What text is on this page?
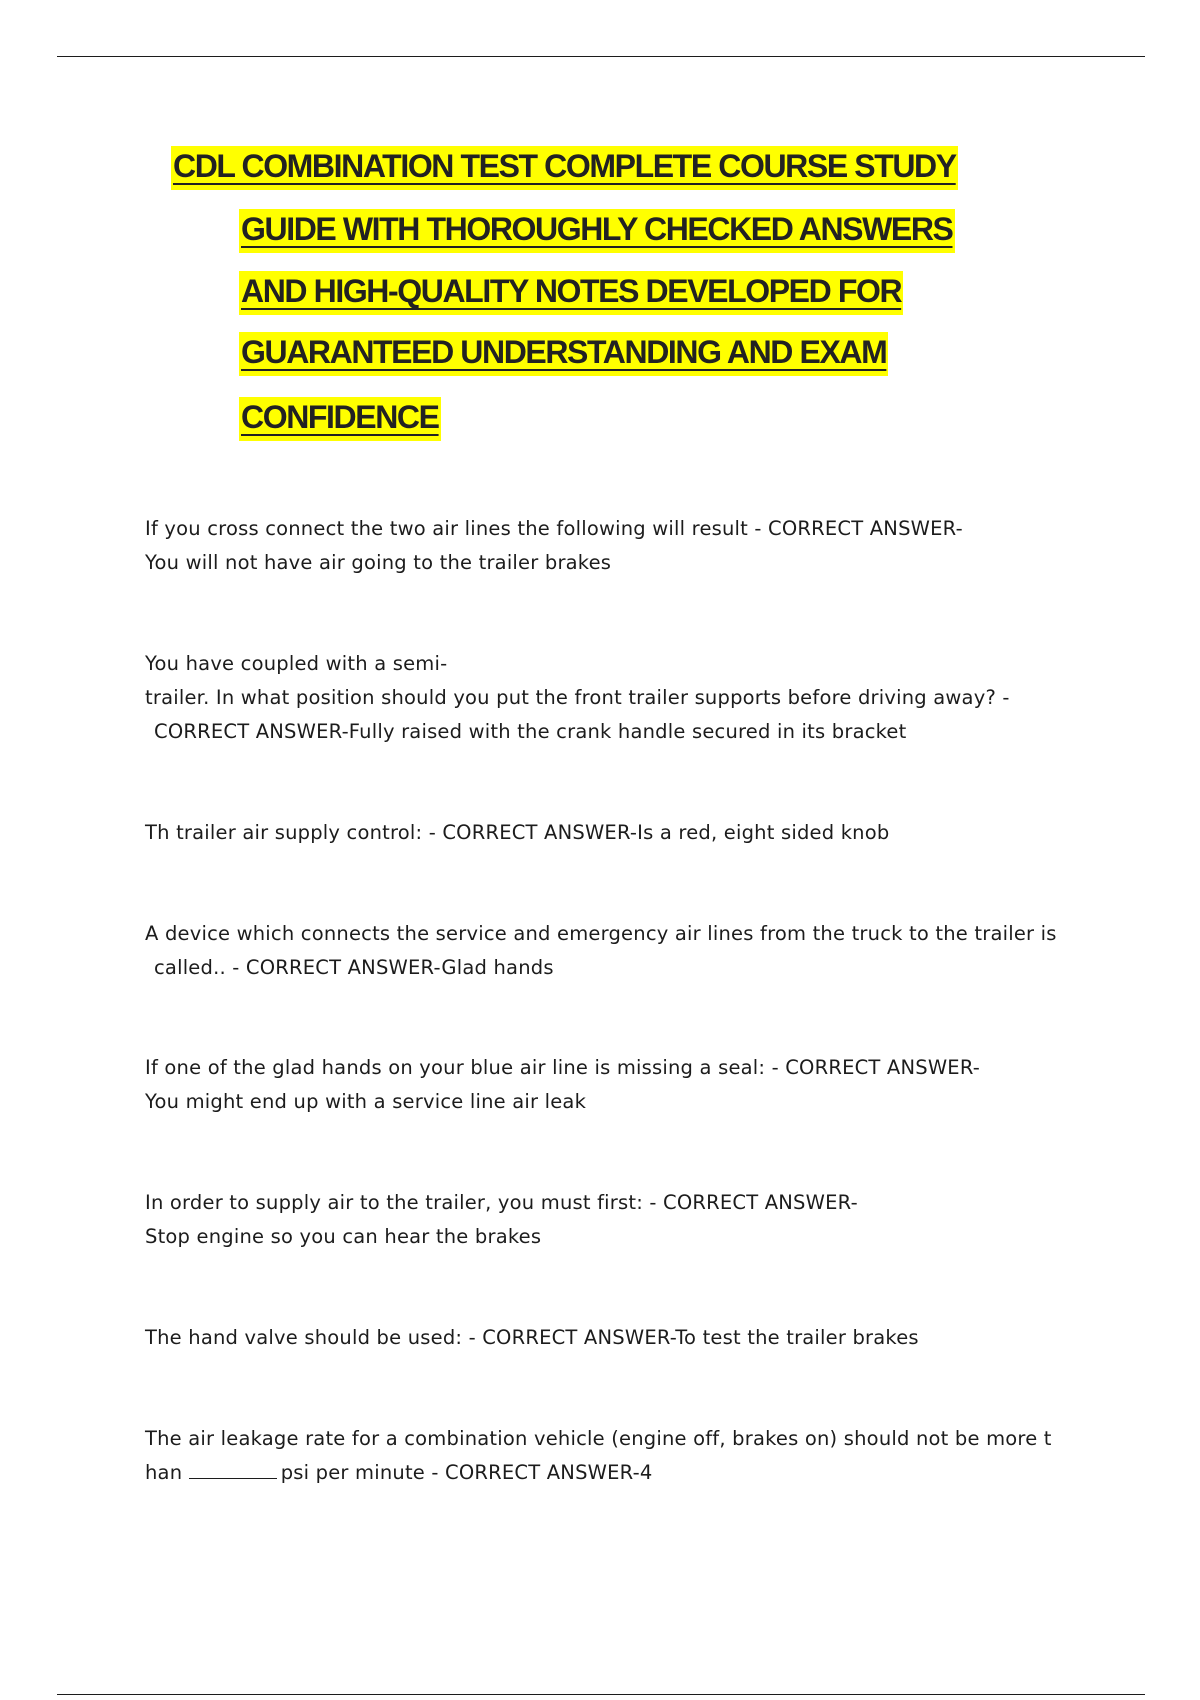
CDL COMBINATION TEST COMPLETE COURSE STUDY
GUIDE WITH THOROUGHLY CHECKED ANSWERS
AND HIGH-QUALITY NOTES DEVELOPED FOR
GUARANTEED UNDERSTANDING AND EXAM
CONFIDENCE
If you cross connect the two air lines the following will result - CORRECT ANSWER-
You will not have air going to the trailer brakes
You have coupled with a semi-
trailer. In what position should you put the front trailer supports before driving away? -
CORRECT ANSWER-Fully raised with the crank handle secured in its bracket
Th trailer air supply control: - CORRECT ANSWER-Is a red, eight sided knob
A device which connects the service and emergency air lines from the truck to the trailer is
called.. - CORRECT ANSWER-Glad hands
If one of the glad hands on your blue air line is missing a seal: - CORRECT ANSWER-
You might end up with a service line air leak
In order to supply air to the trailer, you must first: - CORRECT ANSWER-
Stop engine so you can hear the brakes
The hand valve should be used: - CORRECT ANSWER-To test the trailer brakes
The air leakage rate for a combination vehicle (engine off, brakes on) should not be more t
han	psi per minute - CORRECT ANSWER-4
